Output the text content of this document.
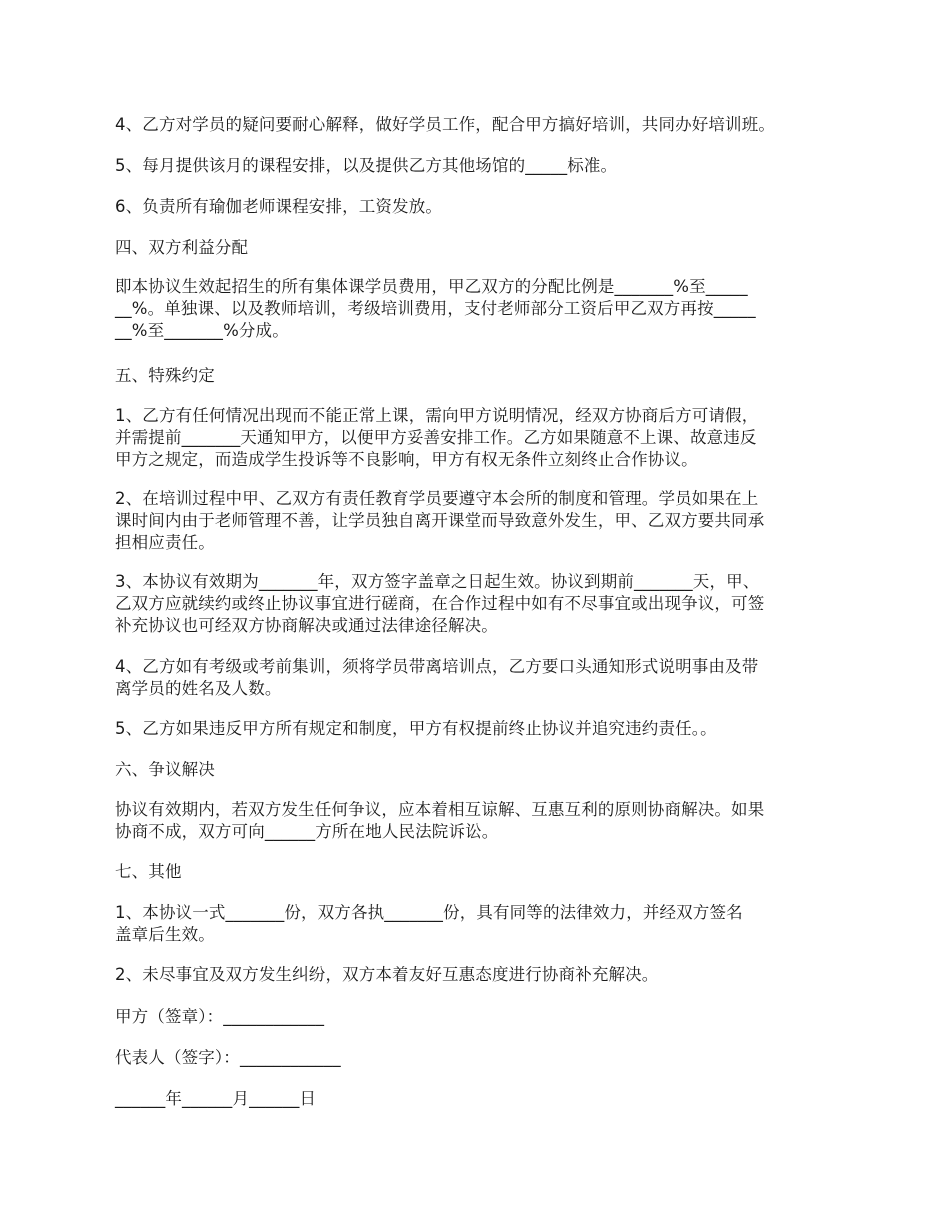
4、乙方对学员的疑问要耐心解释，做好学员工作，配合甲方搞好培训，共同办好培训班。

5、每月提供该月的课程安排，以及提供乙方其他场馆的_____标准。

6、负责所有瑜伽老师课程安排，工资发放。

四、双方利益分配

即本协议生效起招生的所有集体课学员费用，甲乙双方的分配比例是_______%至_____
__%。单独课、以及教师培训，考级培训费用，支付老师部分工资后甲乙双方再按_____
__%至_______%分成。

五、特殊约定

1、乙方有任何情况出现而不能正常上课，需向甲方说明情况，经双方协商后方可请假，
并需提前_______天通知甲方，以便甲方妥善安排工作。乙方如果随意不上课、故意违反
甲方之规定，而造成学生投诉等不良影响，甲方有权无条件立刻终止合作协议。

2、在培训过程中甲、乙双方有责任教育学员要遵守本会所的制度和管理。学员如果在上
课时间内由于老师管理不善，让学员独自离开课堂而导致意外发生，甲、乙双方要共同承
担相应责任。

3、本协议有效期为_______年，双方签字盖章之日起生效。协议到期前_______天，甲、
乙双方应就续约或终止协议事宜进行磋商，在合作过程中如有不尽事宜或出现争议，可签
补充协议也可经双方协商解决或通过法律途径解决。

4、乙方如有考级或考前集训，须将学员带离培训点，乙方要口头通知形式说明事由及带
离学员的姓名及人数。

5、乙方如果违反甲方所有规定和制度，甲方有权提前终止协议并追究违约责任。。

六、争议解决

协议有效期内，若双方发生任何争议，应本着相互谅解、互惠互利的原则协商解决。如果
协商不成，双方可向______方所在地人民法院诉讼。

七、其他

1、本协议一式_______份，双方各执_______份，具有同等的法律效力，并经双方签名
盖章后生效。

2、未尽事宜及双方发生纠纷，双方本着友好互惠态度进行协商补充解决。

甲方（签章）：____________

代表人（签字）：____________

______年______月______日
